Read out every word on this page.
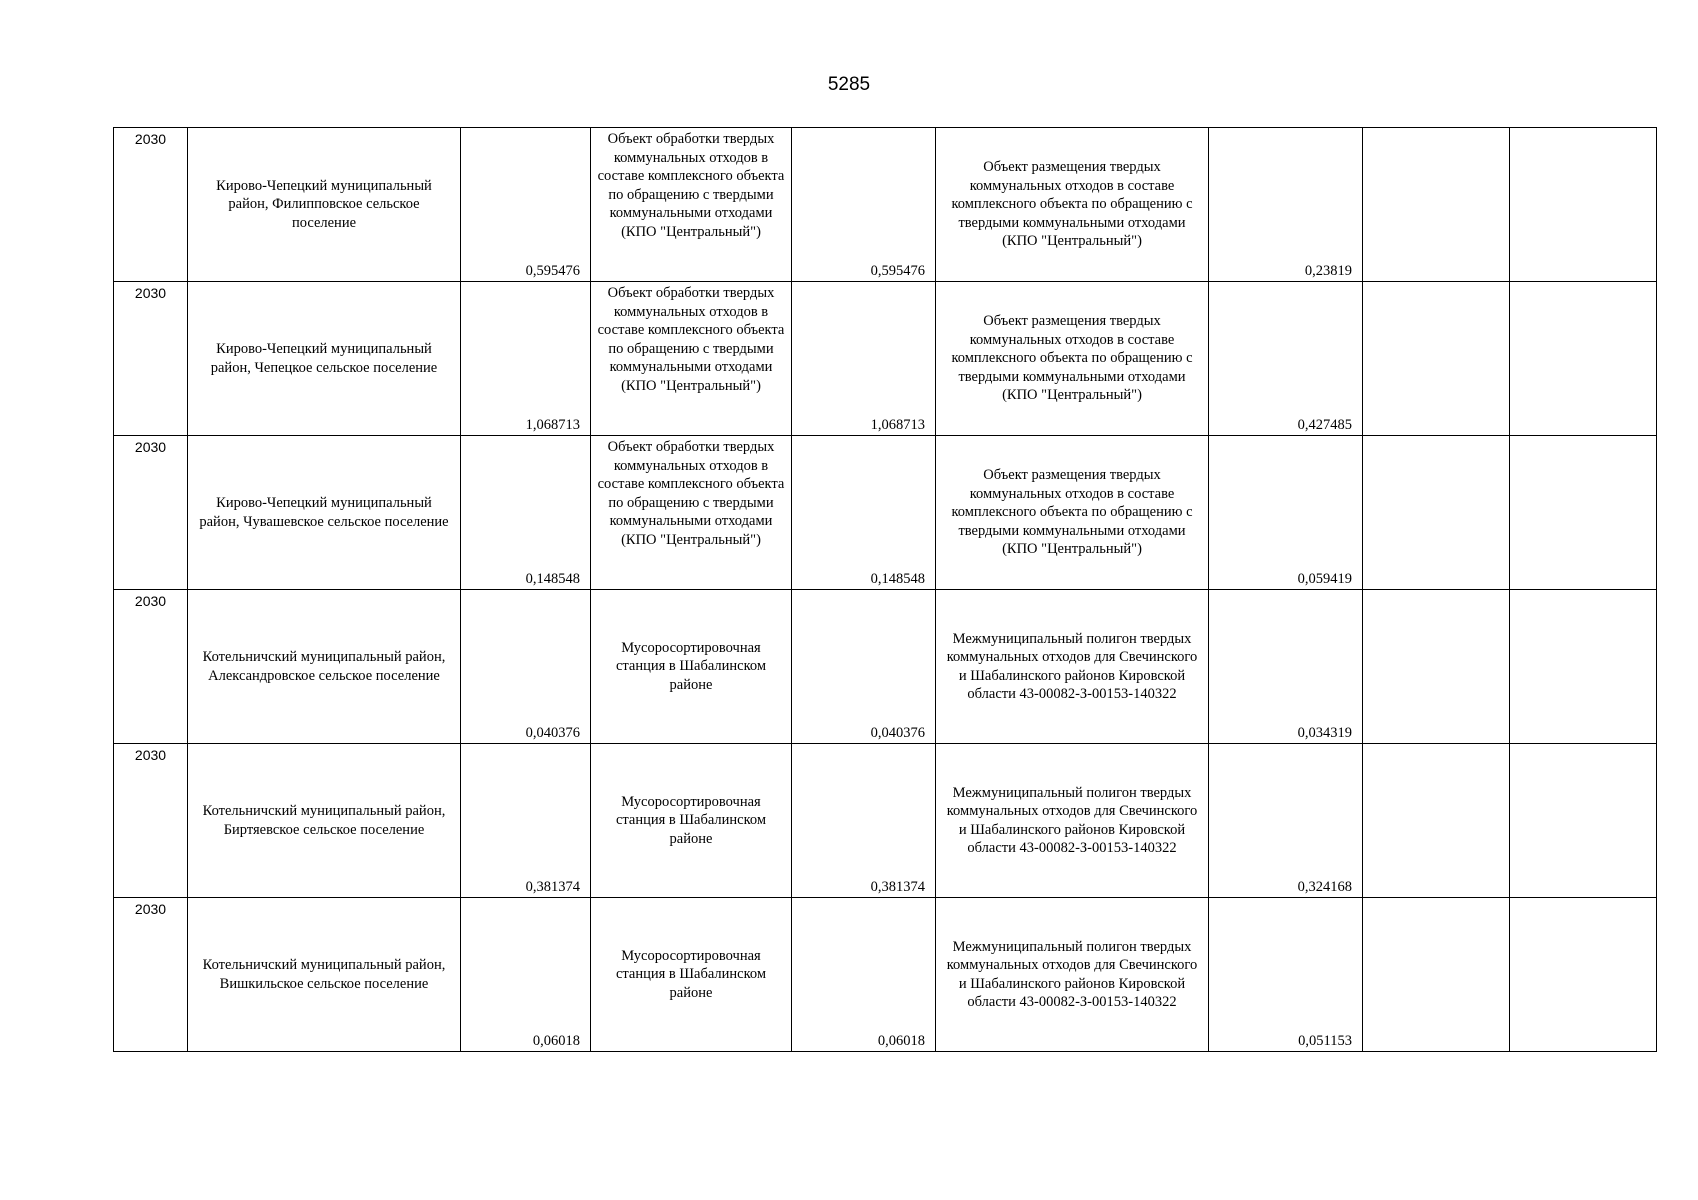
5285
2030	Кирово-Чепецкий муниципальный район, Филипповское сельское поселение	0,595476	Объект обработки твердых коммунальных отходов в составе комплексного объекта по обращению с твердыми коммунальными отходами (КПО "Центральный")	0,595476	Объект размещения твердых коммунальных отходов в составе комплексного объекта по обращению с твердыми коммунальными отходами (КПО "Центральный")	0,23819		
2030	Кирово-Чепецкий муниципальный район, Чепецкое сельское поселение	1,068713	Объект обработки твердых коммунальных отходов в составе комплексного объекта по обращению с твердыми коммунальными отходами (КПО "Центральный")	1,068713	Объект размещения твердых коммунальных отходов в составе комплексного объекта по обращению с твердыми коммунальными отходами (КПО "Центральный")	0,427485		
2030	Кирово-Чепецкий муниципальный район, Чувашевское сельское поселение	0,148548	Объект обработки твердых коммунальных отходов в составе комплексного объекта по обращению с твердыми коммунальными отходами (КПО "Центральный")	0,148548	Объект размещения твердых коммунальных отходов в составе комплексного объекта по обращению с твердыми коммунальными отходами (КПО "Центральный")	0,059419		
2030	Котельничский муниципальный район, Александровское сельское поселение	0,040376	Мусоросортировочная станция в Шабалинском районе	0,040376	Межмуниципальный полигон твердых коммунальных отходов для Свечинского и Шабалинского районов Кировской области 43-00082-З-00153-140322	0,034319		
2030	Котельничский муниципальный район, Биртяевское сельское поселение	0,381374	Мусоросортировочная станция в Шабалинском районе	0,381374	Межмуниципальный полигон твердых коммунальных отходов для Свечинского и Шабалинского районов Кировской области 43-00082-З-00153-140322	0,324168		
2030	Котельничский муниципальный район, Вишкильское сельское поселение	0,06018	Мусоросортировочная станция в Шабалинском районе	0,06018	Межмуниципальный полигон твердых коммунальных отходов для Свечинского и Шабалинского районов Кировской области 43-00082-З-00153-140322	0,051153		
